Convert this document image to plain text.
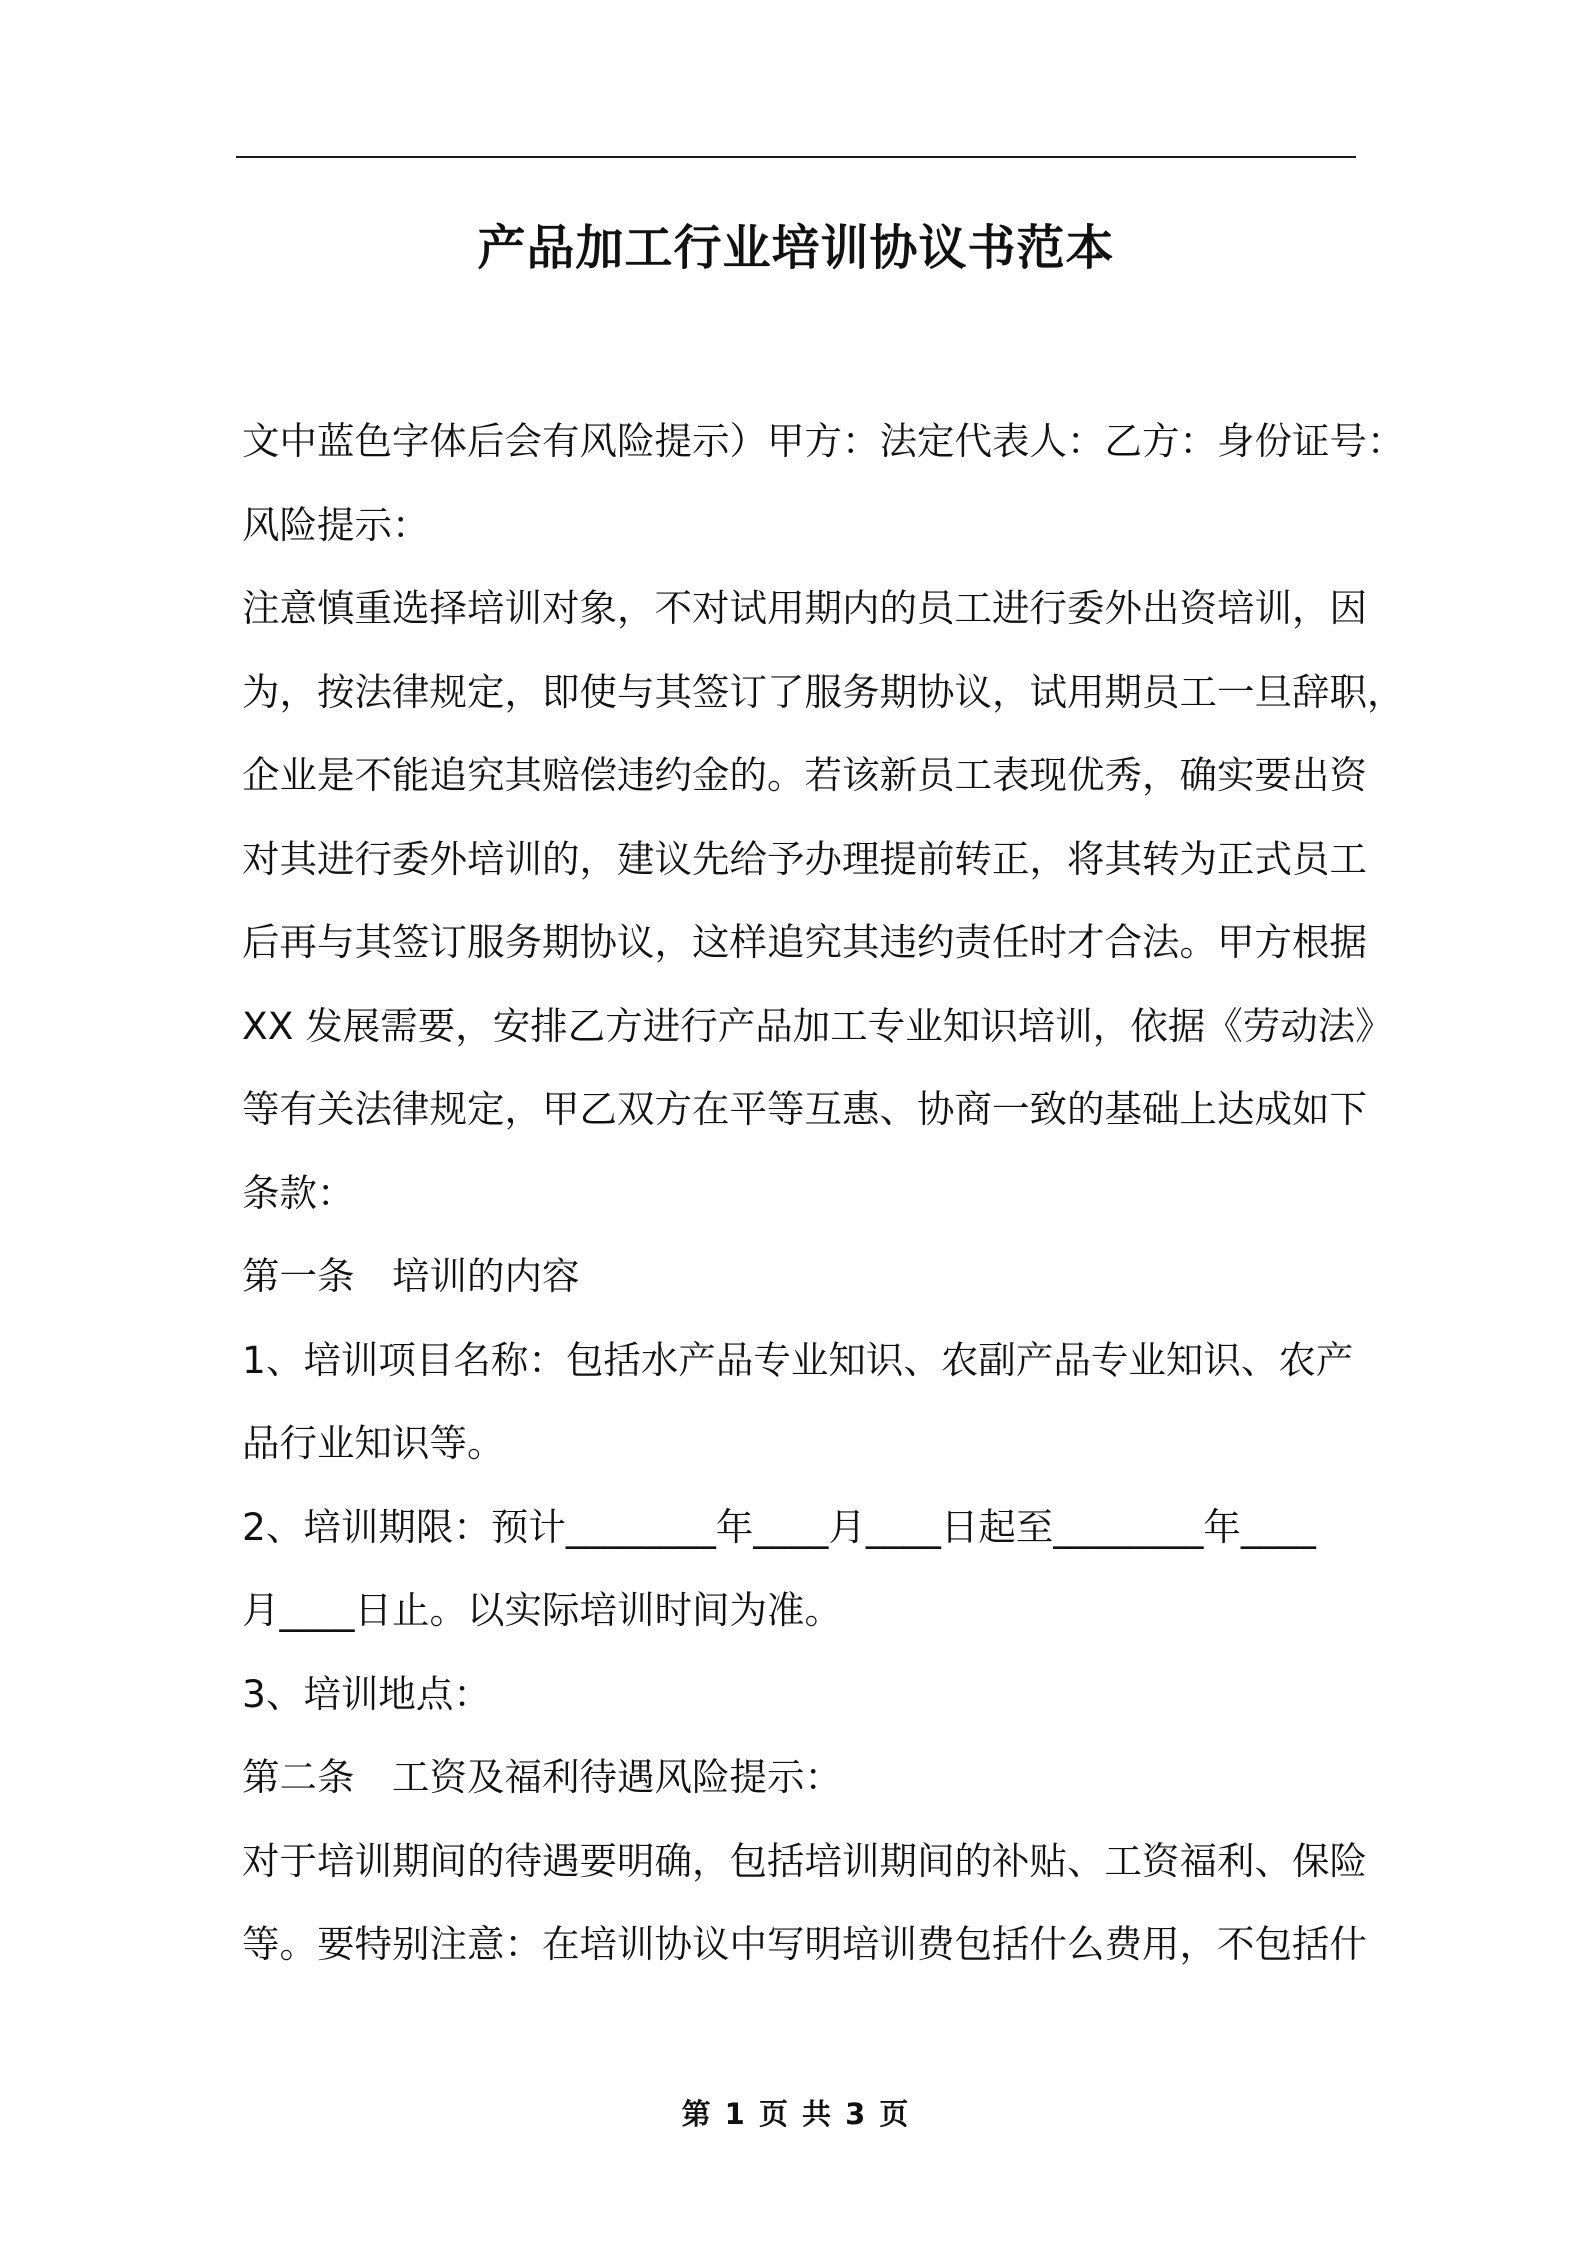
产品加工行业培训协议书范本
文中蓝色字体后会有风险提示）甲方：法定代表人：乙方：身份证号：
风险提示：
注意慎重选择培训对象，不对试用期内的员工进行委外出资培训，因
为，按法律规定，即使与其签订了服务期协议，试用期员工一旦辞职，
企业是不能追究其赔偿违约金的。若该新员工表现优秀，确实要出资
对其进行委外培训的，建议先给予办理提前转正，将其转为正式员工
后再与其签订服务期协议，这样追究其违约责任时才合法。甲方根据
XX 发展需要，安排乙方进行产品加工专业知识培训，依据《劳动法》
等有关法律规定，甲乙双方在平等互惠、协商一致的基础上达成如下
条款：
第一条　培训的内容
1、培训项目名称：包括水产品专业知识、农副产品专业知识、农产
品行业知识等。
2、培训期限：预计________年____月____日起至________年____
月____日止。以实际培训时间为准。
3、培训地点：
第二条　工资及福利待遇风险提示：
对于培训期间的待遇要明确，包括培训期间的补贴、工资福利、保险
等。要特别注意：在培训协议中写明培训费包括什么费用，不包括什
第 1 页 共 3 页
